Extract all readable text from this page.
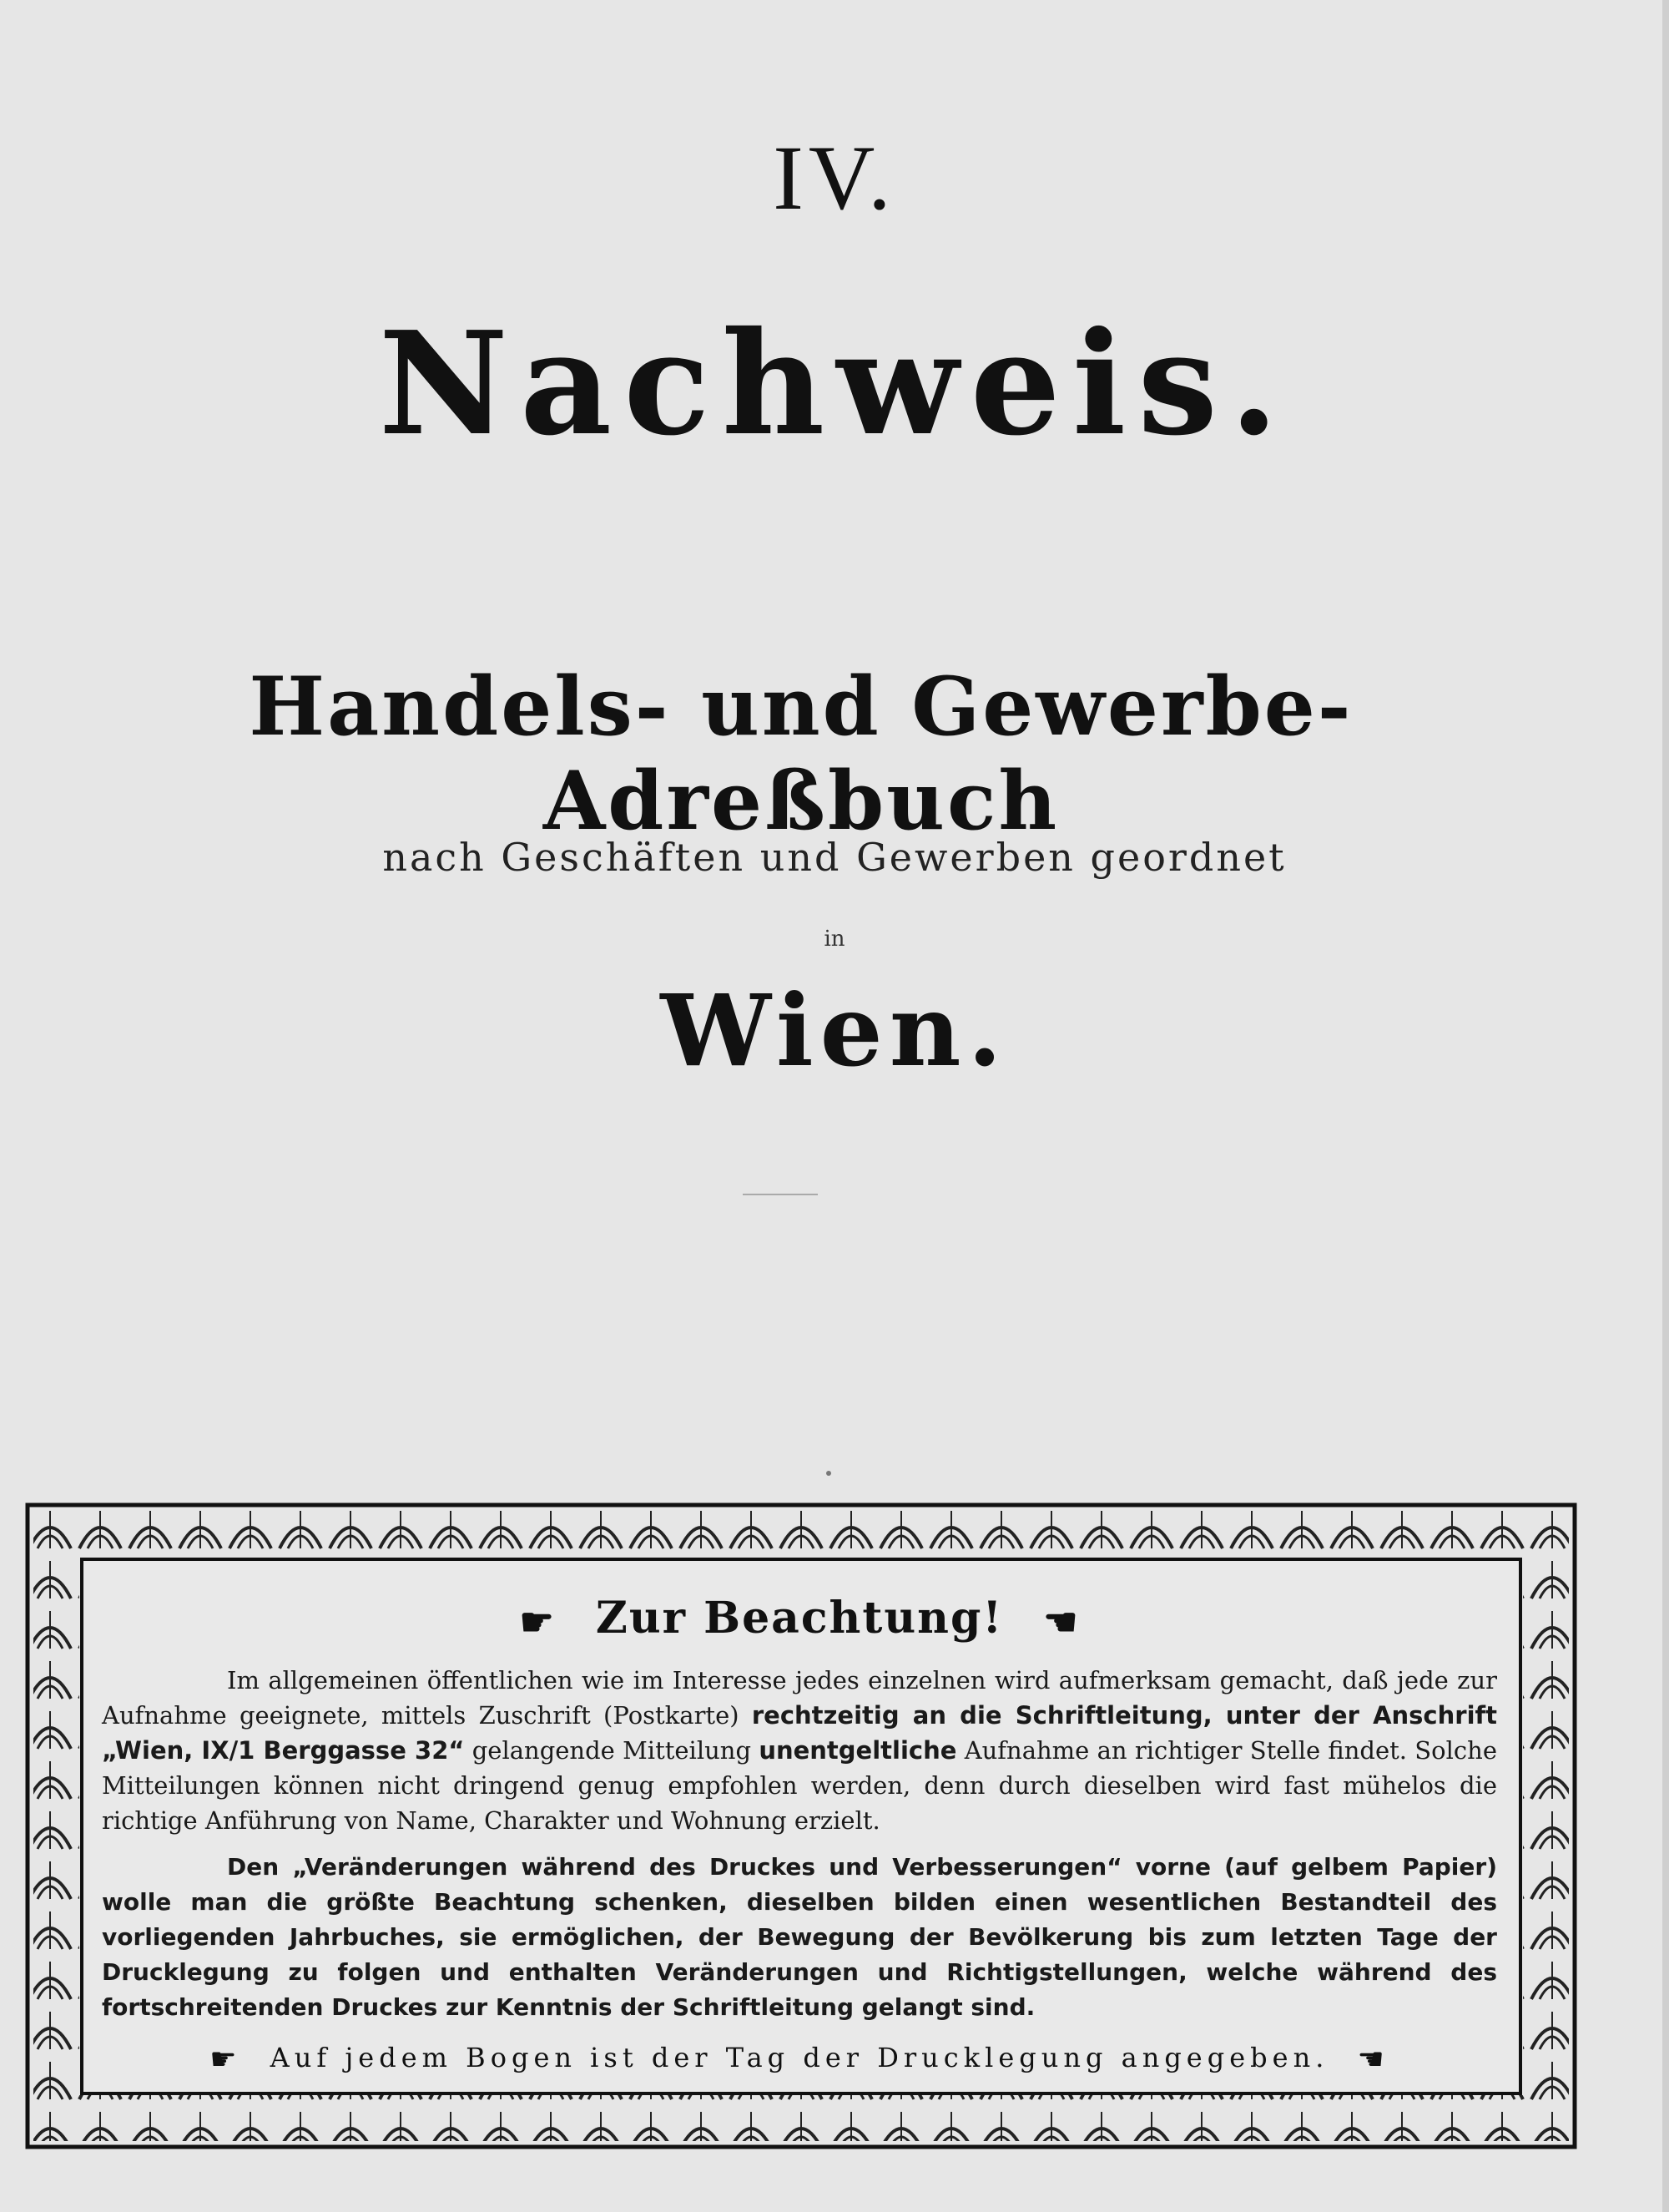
IV.
Nachweis.
Handels- und Gewerbe-Adreßbuch
nach Geschäften und Gewerben geordnet
in
Wien.
☛ Zur Beachtung! ☚

Im allgemeinen öffentlichen wie im Interesse jedes einzelnen wird aufmerksam gemacht, daß jede zur Aufnahme geeignete, mittels Zuschrift (Postkarte) rechtzeitig an die Schriftleitung, unter der Anschrift „Wien, IX/1 Berggasse 32“ gelangende Mitteilung unentgeltliche Aufnahme an richtiger Stelle findet. Solche Mitteilungen können nicht dringend genug empfohlen werden, denn durch dieselben wird fast mühelos die richtige Anführung von Name, Charakter und Wohnung erzielt.

Den „Veränderungen während des Druckes und Verbesserungen“ vorne (auf gelbem Papier) wolle man die größte Beachtung schenken, dieselben bilden einen wesentlichen Bestandteil des vorliegenden Jahrbuches, sie ermöglichen, der Bewegung der Bevölkerung bis zum letzten Tage der Drucklegung zu folgen und enthalten Veränderungen und Richtigstellungen, welche während des fortschreitenden Druckes zur Kenntnis der Schriftleitung gelangt sind.

☛ Auf jedem Bogen ist der Tag der Drucklegung angegeben. ☚
